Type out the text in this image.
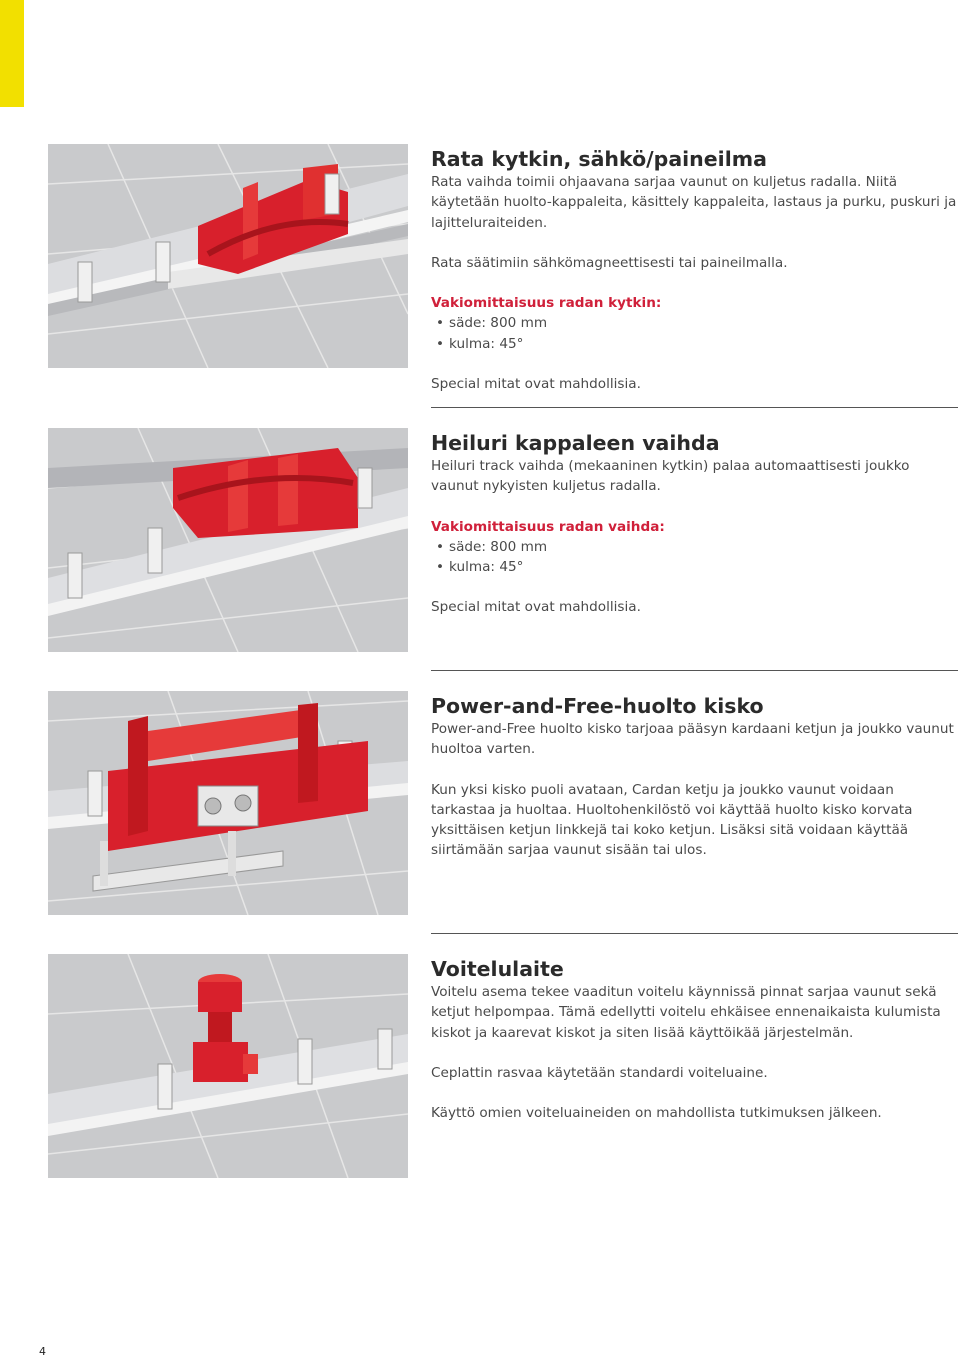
Rata kytkin, sähkö/paineilma

Rata vaihda toimii ohjaavana sarjaa vaunut on kuljetus radalla. Niitä käytetään huolto-kappaleita, käsittely kappaleita, lastaus ja purku, puskuri ja lajitteluraiteiden.

Rata säätimiin sähkömagneettisesti tai paineilmalla.

Vakiomittaisuus radan kytkin:

• säde: 800 mm
• kulma: 45°

Special mitat ovat mahdollisia.

Heiluri kappaleen vaihda

Heiluri track vaihda (mekaaninen kytkin) palaa automaattisesti joukko vaunut nykyisten kuljetus radalla.

Vakiomittaisuus radan vaihda:

• säde: 800 mm
• kulma: 45°

Special mitat ovat mahdollisia.

Power-and-Free-huolto kisko

Power-and-Free huolto kisko tarjoaa pääsyn kardaani ketjun ja joukko vaunut huoltoa varten.

Kun yksi kisko puoli avataan, Cardan ketju ja joukko vaunut voidaan tarkastaa ja huoltaa. Huoltohenkilöstö voi käyttää huolto kisko korvata yksittäisen ketjun linkkejä tai koko ketjun. Lisäksi sitä voidaan käyttää siirtämään sarjaa vaunut sisään tai ulos.

Voitelulaite

Voitelu asema tekee vaaditun voitelu käynnissä pinnat sarjaa vaunut sekä ketjut helpompaa. Tämä edellytti voitelu ehkäisee ennenaikaista kulumista kiskot ja kaarevat kiskot ja siten lisää käyttöikää järjestelmän.

Ceplattin rasvaa käytetään standardi voiteluaine.

Käyttö omien voiteluaineiden on mahdollista tutkimuksen jälkeen.

4
